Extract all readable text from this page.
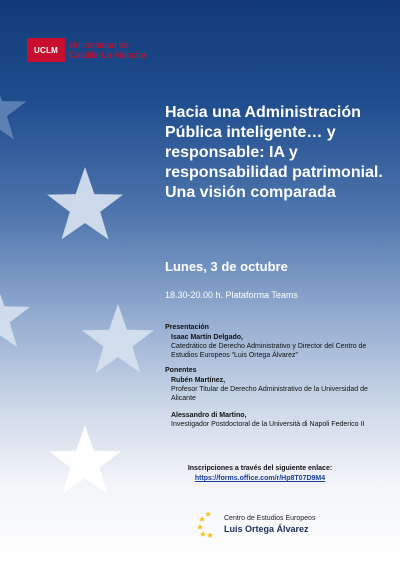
UCLM	Universidad de
Castilla-La Mancha
Hacia una Administración Pública inteligente… y responsable: IA y responsabilidad patrimonial. Una visión comparada
Lunes, 3 de octubre
18.30-20.00 h. Plataforma Teams
Presentación
Isaac Martín Delgado,
Catedrático de Derecho Administrativo y Director del Centro de Estudios Europeos “Luis Ortega Álvarez”
Ponentes
Rubén Martínez,
Profesor Titular de Derecho Administrativo de la Universidad de Alicante
Alessandro di Martino,
Investigador Postdoctoral de la Università di Napoli Federico II
Inscripciones a través del siguiente enlace:
https://forms.office.com/r/Hp8T07D9M4
Centro de Estudios Europeos
Luis Ortega Álvarez
